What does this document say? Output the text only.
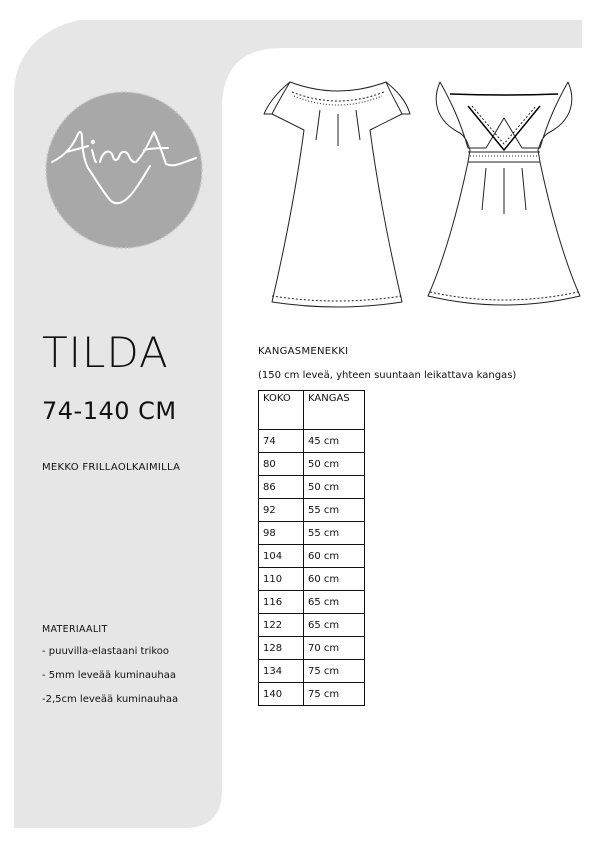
TILDA
74-140 CM
MEKKO FRILLAOLKAIMILLA

MATERIAALIT

- puuvilla-elastaani trikoo
- 5mm leveää kuminauhaa
-2,5cm leveää kuminauhaa
KANGASMENEKKI
(150 cm leveä, yhteen suuntaan leikattava kangas)
KOKO	KANGAS
74	45 cm
80	50 cm
86	50 cm
92	55 cm
98	55 cm
104	60 cm
110	60 cm
116	65 cm
122	65 cm
128	70 cm
134	75 cm
140	75 cm
